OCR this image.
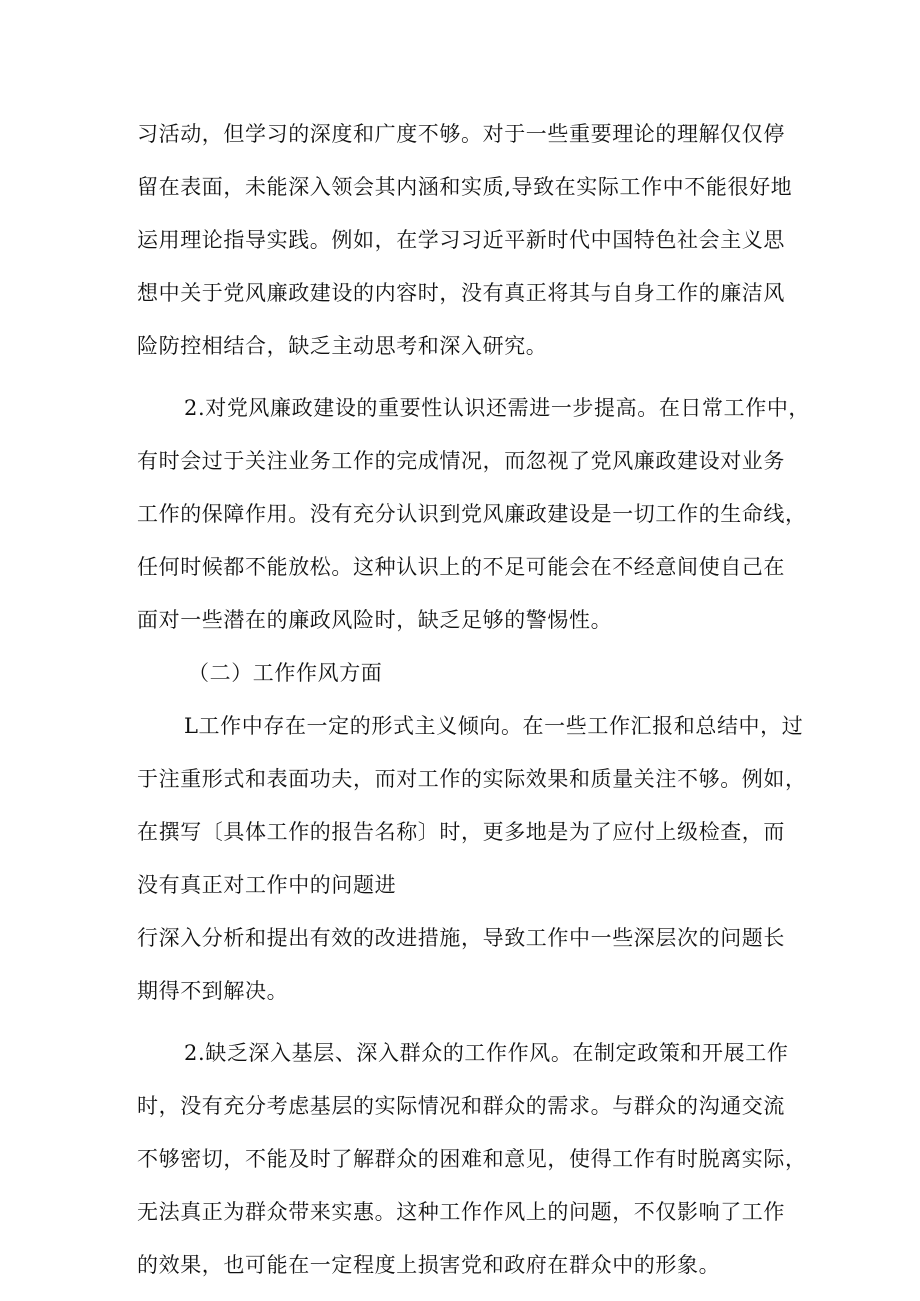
习活动，但学习的深度和广度不够。对于一些重要理论的理解仅仅停
留在表面，未能深入领会其内涵和实质,导致在实际工作中不能很好地
运用理论指导实践。例如，在学习习近平新时代中国特色社会主义思
想中关于党风廉政建设的内容时，没有真正将其与自身工作的廉洁风
险防控相结合，缺乏主动思考和深入研究。
2.对党风廉政建设的重要性认识还需进一步提高。在日常工作中，
有时会过于关注业务工作的完成情况，而忽视了党风廉政建设对业务
工作的保障作用。没有充分认识到党风廉政建设是一切工作的生命线，
任何时候都不能放松。这种认识上的不足可能会在不经意间使自己在
面对一些潜在的廉政风险时，缺乏足够的警惕性。
（二）工作作风方面
L工作中存在一定的形式主义倾向。在一些工作汇报和总结中，过
于注重形式和表面功夫，而对工作的实际效果和质量关注不够。例如，
在撰写〔具体工作的报告名称〕时，更多地是为了应付上级检查，而
没有真正对工作中的问题进
行深入分析和提出有效的改进措施，导致工作中一些深层次的问题长
期得不到解决。
2.缺乏深入基层、深入群众的工作作风。在制定政策和开展工作
时，没有充分考虑基层的实际情况和群众的需求。与群众的沟通交流
不够密切，不能及时了解群众的困难和意见，使得工作有时脱离实际，
无法真正为群众带来实惠。这种工作作风上的问题，不仅影响了工作
的效果，也可能在一定程度上损害党和政府在群众中的形象。
